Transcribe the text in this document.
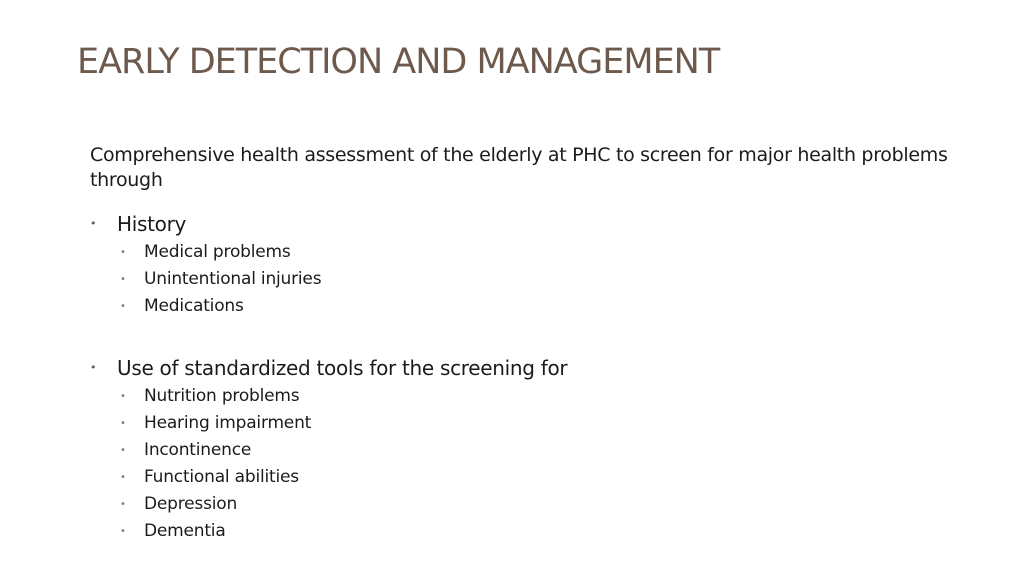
EARLY DETECTION AND MANAGEMENT

Comprehensive health assessment of the elderly at PHC to screen for major health problems through

• History
• Medical problems
• Unintentional injuries
• Medications
• Use of standardized tools for the screening for
• Nutrition problems
• Hearing impairment
• Incontinence
• Functional abilities
• Depression
• Dementia
